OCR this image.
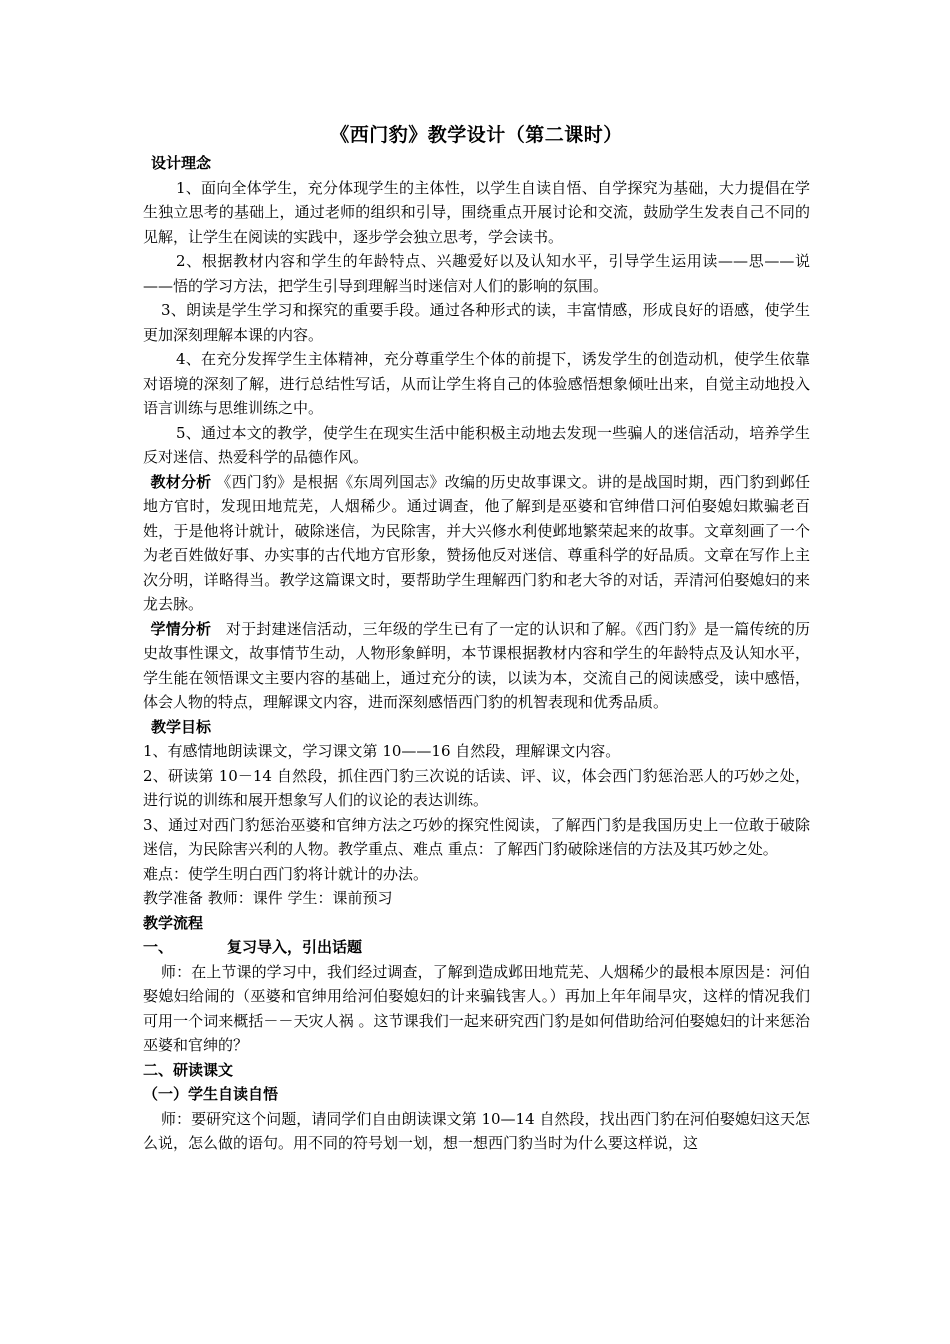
《西门豹》教学设计（第二课时）
设计理念

1、面向全体学生，充分体现学生的主体性，以学生自读自悟、自学探究为基础，大力提倡在学生独立思考的基础上，通过老师的组织和引导，围绕重点开展讨论和交流，鼓励学生发表自己不同的见解，让学生在阅读的实践中，逐步学会独立思考，学会读书。

2、根据教材内容和学生的年龄特点、兴趣爱好以及认知水平，引导学生运用读——思——说——悟的学习方法，把学生引导到理解当时迷信对人们的影响的氛围。

3、朗读是学生学习和探究的重要手段。通过各种形式的读，丰富情感，形成良好的语感，使学生更加深刻理解本课的内容。

4、在充分发挥学生主体精神，充分尊重学生个体的前提下，诱发学生的创造动机，使学生依靠对语境的深刻了解，进行总结性写话，从而让学生将自己的体验感悟想象倾吐出来，自觉主动地投入语言训练与思维训练之中。

5、通过本文的教学，使学生在现实生活中能积极主动地去发现一些骗人的迷信活动，培养学生反对迷信、热爱科学的品德作风。

教材分析 《西门豹》是根据《东周列国志》改编的历史故事课文。讲的是战国时期，西门豹到邺任地方官时，发现田地荒芜，人烟稀少。通过调查，他了解到是巫婆和官绅借口河伯娶媳妇欺骗老百姓，于是他将计就计，破除迷信，为民除害，并大兴修水利使邺地繁荣起来的故事。文章刻画了一个为老百姓做好事、办实事的古代地方官形象，赞扬他反对迷信、尊重科学的好品质。文章在写作上主次分明，详略得当。教学这篇课文时，要帮助学生理解西门豹和老大爷的对话，弄清河伯娶媳妇的来龙去脉。

学情分析 对于封建迷信活动，三年级的学生已有了一定的认识和了解。《西门豹》是一篇传统的历史故事性课文，故事情节生动，人物形象鲜明，本节课根据教材内容和学生的年龄特点及认知水平，学生能在领悟课文主要内容的基础上，通过充分的读，以读为本，交流自己的阅读感受，读中感悟，体会人物的特点，理解课文内容，进而深刻感悟西门豹的机智表现和优秀品质。

教学目标

1、有感情地朗读课文，学习课文第 10——16 自然段，理解课文内容。

2、研读第 10－14 自然段，抓住西门豹三次说的话读、评、议，体会西门豹惩治恶人的巧妙之处，进行说的训练和展开想象写人们的议论的表达训练。

3、通过对西门豹惩治巫婆和官绅方法之巧妙的探究性阅读，了解西门豹是我国历史上一位敢于破除迷信，为民除害兴利的人物。教学重点、难点 重点：了解西门豹破除迷信的方法及其巧妙之处。

难点：使学生明白西门豹将计就计的办法。

教学准备 教师：课件 学生：课前预习

教学流程
一、	复习导入，引出话题

师：在上节课的学习中，我们经过调查，了解到造成邺田地荒芜、人烟稀少的最根本原因是：河伯娶媳妇给闹的（巫婆和官绅用给河伯娶媳妇的计来骗钱害人。）再加上年年闹旱灾，这样的情况我们可用一个词来概括－－天灾人祸 。这节课我们一起来研究西门豹是如何借助给河伯娶媳妇的计来惩治巫婆和官绅的？

二、研读课文
（一）学生自读自悟

师：要研究这个问题，请同学们自由朗读课文第 10—14 自然段，找出西门豹在河伯娶媳妇这天怎么说，怎么做的语句。用不同的符号划一划，想一想西门豹当时为什么要这样说，这
